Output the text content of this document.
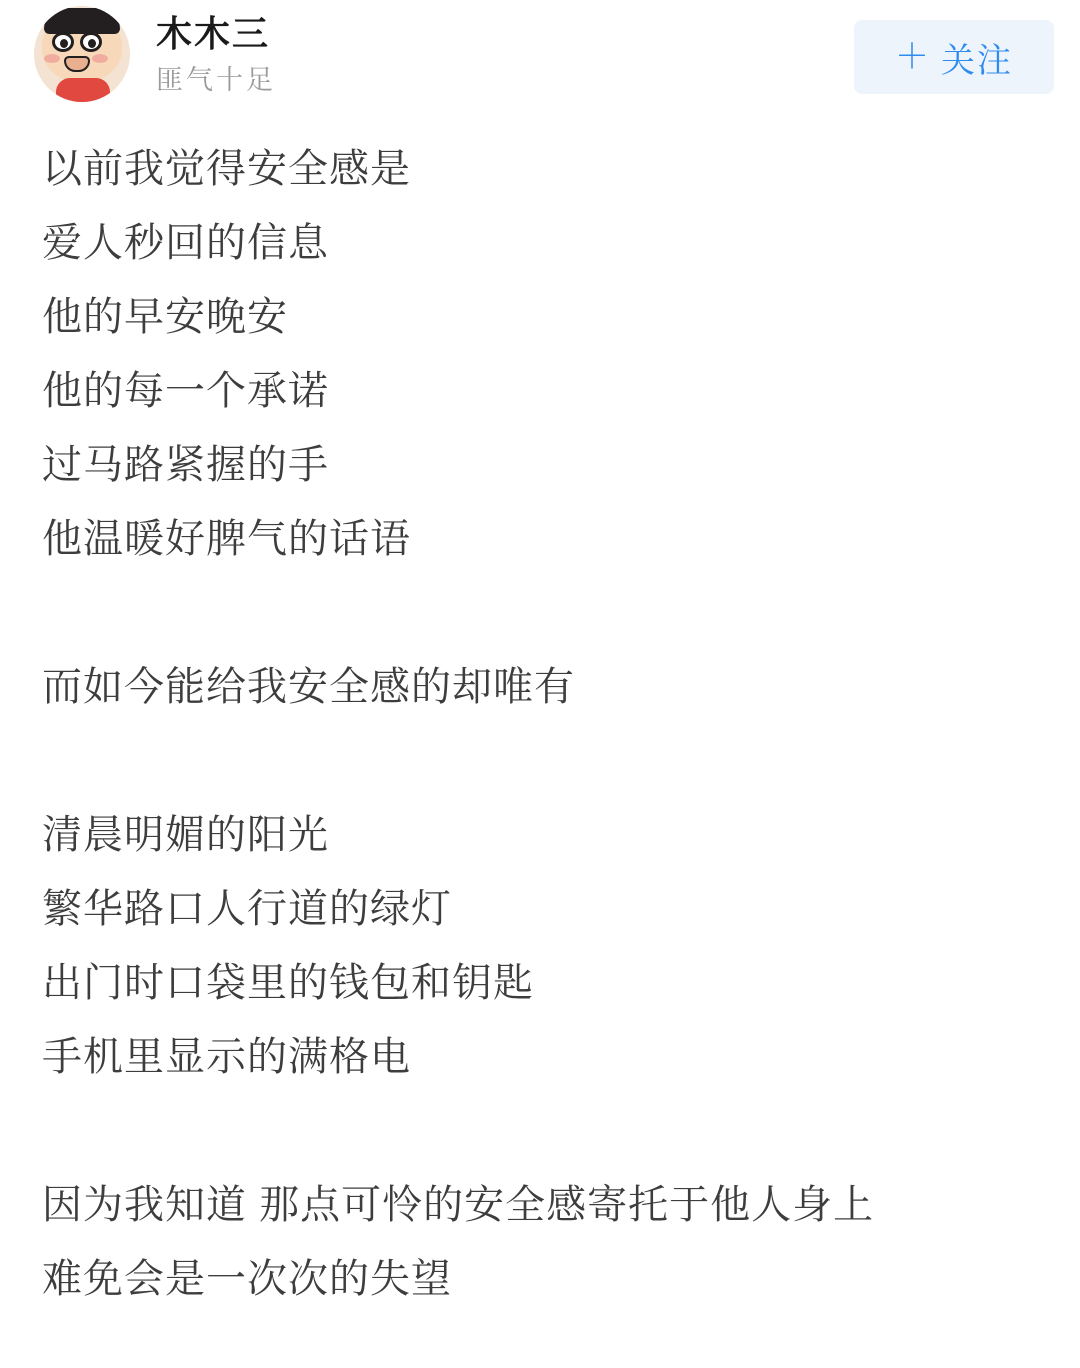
木木三
匪气十足
＋ 关注
以前我觉得安全感是
爱人秒回的信息
他的早安晚安
他的每一个承诺
过马路紧握的手
他温暖好脾气的话语
而如今能给我安全感的却唯有
清晨明媚的阳光
繁华路口人行道的绿灯
出门时口袋里的钱包和钥匙
手机里显示的满格电
因为我知道 那点可怜的安全感寄托于他人身上
难免会是一次次的失望
